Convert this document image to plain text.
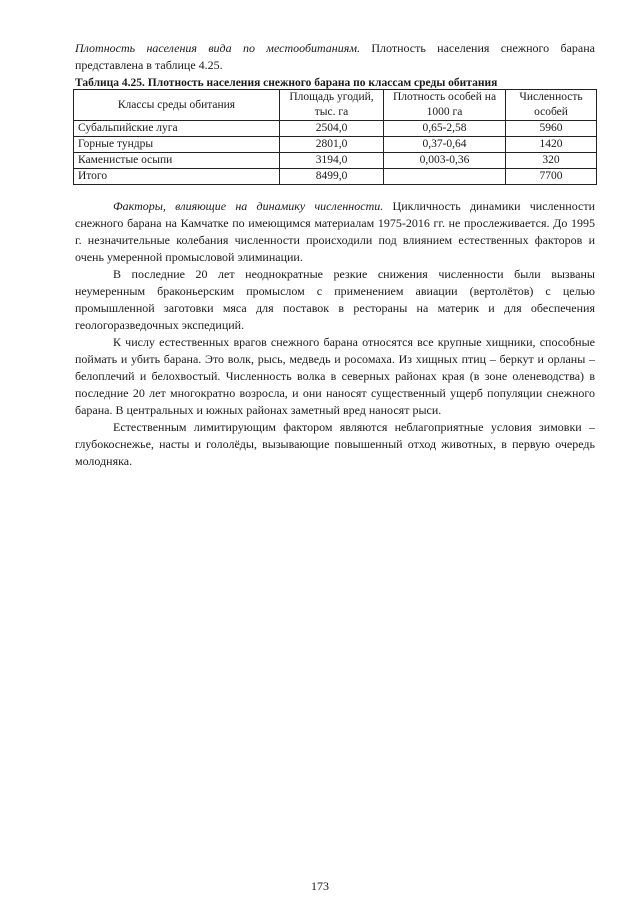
Плотность населения вида по местообитаниям. Плотность населения снежного барана представлена в таблице 4.25.
Таблица 4.25. Плотность населения снежного барана по классам среды обитания
Классы среды обитания	Площадь угодий, тыс. га	Плотность особей на 1000 га	Численность особей
Субальпийские луга	2504,0	0,65-2,58	5960
Горные тундры	2801,0	0,37-0,64	1420
Каменистые осыпи	3194,0	0,003-0,36	320
Итого	8499,0		7700

Факторы, влияющие на динамику численности. Цикличность динамики численности снежного барана на Камчатке по имеющимся материалам 1975-2016 гг. не прослеживается. До 1995 г. незначительные колебания численности происходили под влиянием естественных факторов и очень умеренной промысловой элиминации.

В последние 20 лет неоднократные резкие снижения численности были вызваны неумеренным браконьерским промыслом с применением авиации (вертолётов) с целью промышленной заготовки мяса для поставок в рестораны на материк и для обеспечения геологоразведочных экспедиций.

К числу естественных врагов снежного барана относятся все крупные хищники, способные поймать и убить барана. Это волк, рысь, медведь и росомаха. Из хищных птиц – беркут и орланы – белоплечий и белохвостый. Численность волка в северных районах края (в зоне оленеводства) в последние 20 лет многократно возросла, и они наносят существенный ущерб популяции снежного барана. В центральных и южных районах заметный вред наносят рыси.

Естественным лимитирующим фактором являются неблагоприятные условия зимовки – глубокоснежье, насты и гололёды, вызывающие повышенный отход животных, в первую очередь молодняка.

173
